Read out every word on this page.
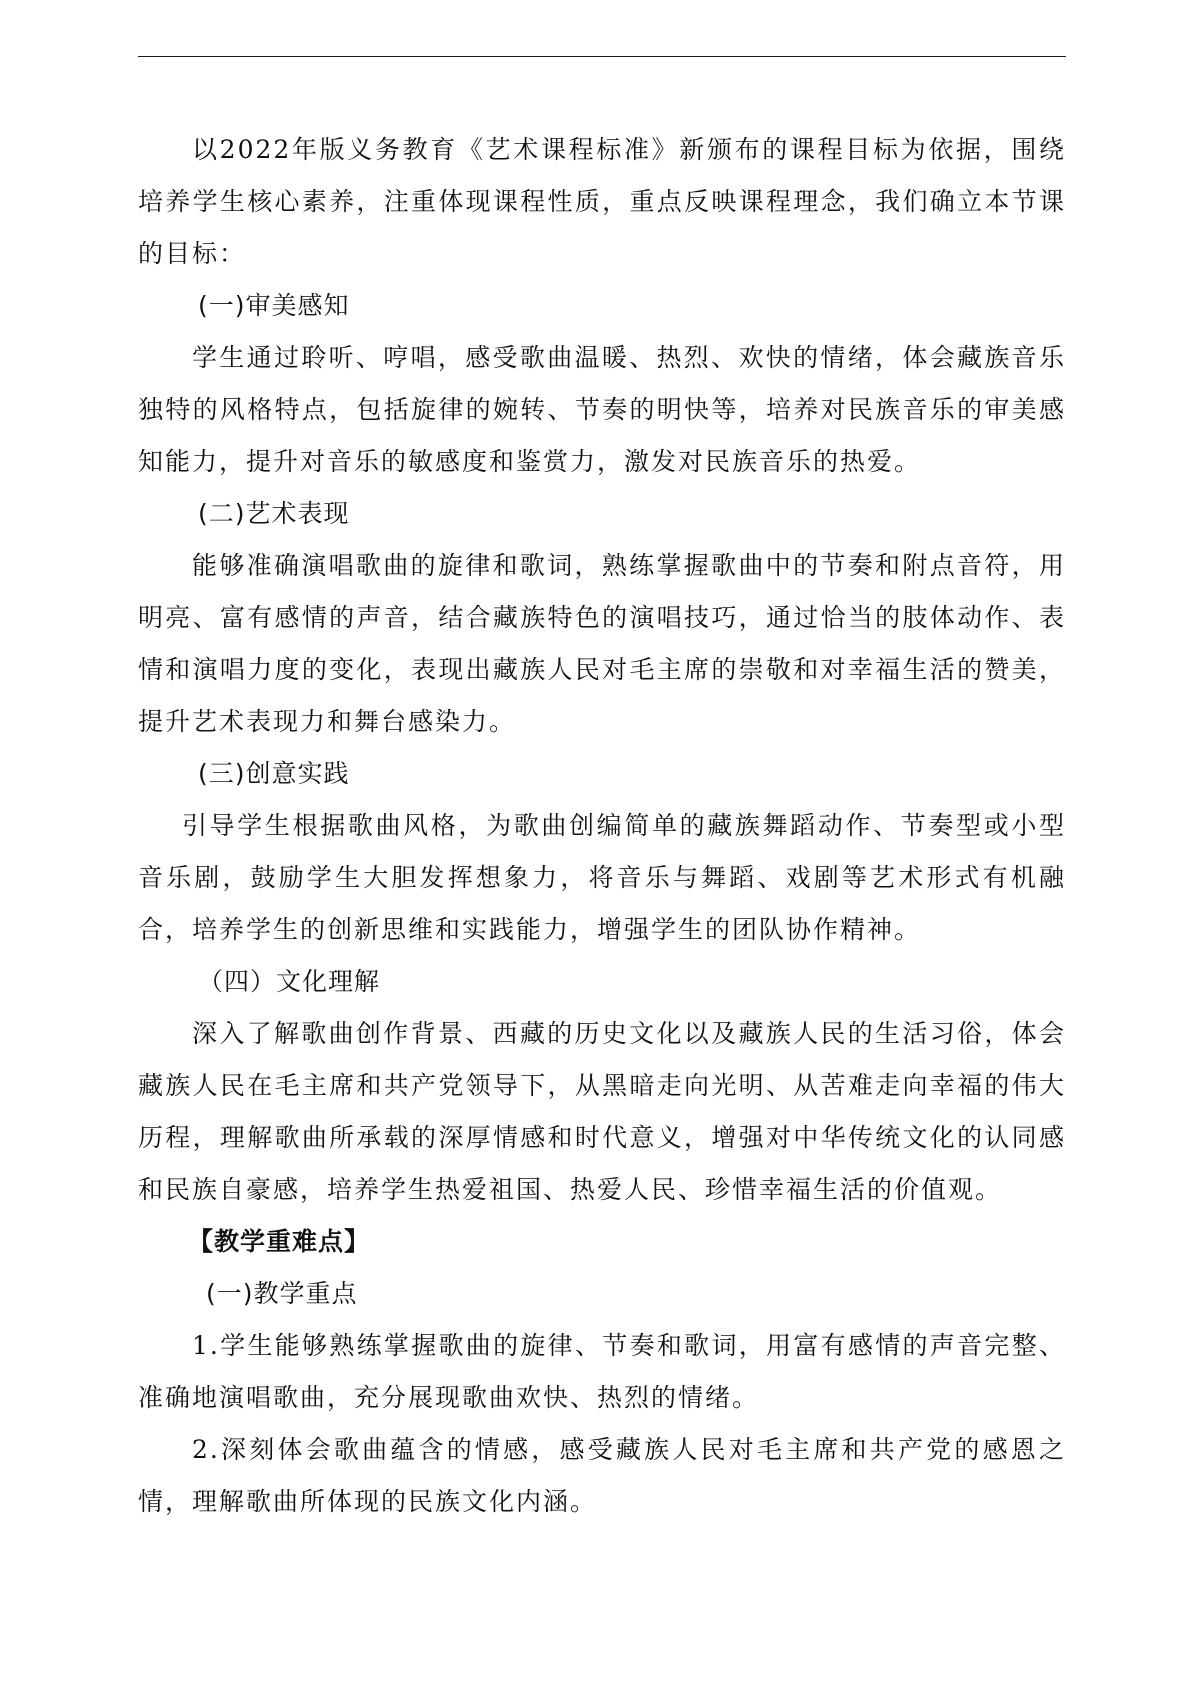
以2022年版义务教育《艺术课程标准》新颁布的课程目标为依据，围绕培养学生核心素养，注重体现课程性质，重点反映课程理念，我们确立本节课的目标：

(一)审美感知

学生通过聆听、哼唱，感受歌曲温暖、热烈、欢快的情绪，体会藏族音乐独特的风格特点，包括旋律的婉转、节奏的明快等，培养对民族音乐的审美感知能力，提升对音乐的敏感度和鉴赏力，激发对民族音乐的热爱。

(二)艺术表现

能够准确演唱歌曲的旋律和歌词，熟练掌握歌曲中的节奏和附点音符，用明亮、富有感情的声音，结合藏族特色的演唱技巧，通过恰当的肢体动作、表情和演唱力度的变化，表现出藏族人民对毛主席的崇敬和对幸福生活的赞美，提升艺术表现力和舞台感染力。

(三)创意实践

引导学生根据歌曲风格，为歌曲创编简单的藏族舞蹈动作、节奏型或小型音乐剧，鼓励学生大胆发挥想象力，将音乐与舞蹈、戏剧等艺术形式有机融合，培养学生的创新思维和实践能力，增强学生的团队协作精神。

（四）文化理解

深入了解歌曲创作背景、西藏的历史文化以及藏族人民的生活习俗，体会藏族人民在毛主席和共产党领导下，从黑暗走向光明、从苦难走向幸福的伟大历程，理解歌曲所承载的深厚情感和时代意义，增强对中华传统文化的认同感和民族自豪感，培养学生热爱祖国、热爱人民、珍惜幸福生活的价值观。

【教学重难点】

(一)教学重点

1.学生能够熟练掌握歌曲的旋律、节奏和歌词，用富有感情的声音完整、准确地演唱歌曲，充分展现歌曲欢快、热烈的情绪。

2.深刻体会歌曲蕴含的情感，感受藏族人民对毛主席和共产党的感恩之情，理解歌曲所体现的民族文化内涵。
